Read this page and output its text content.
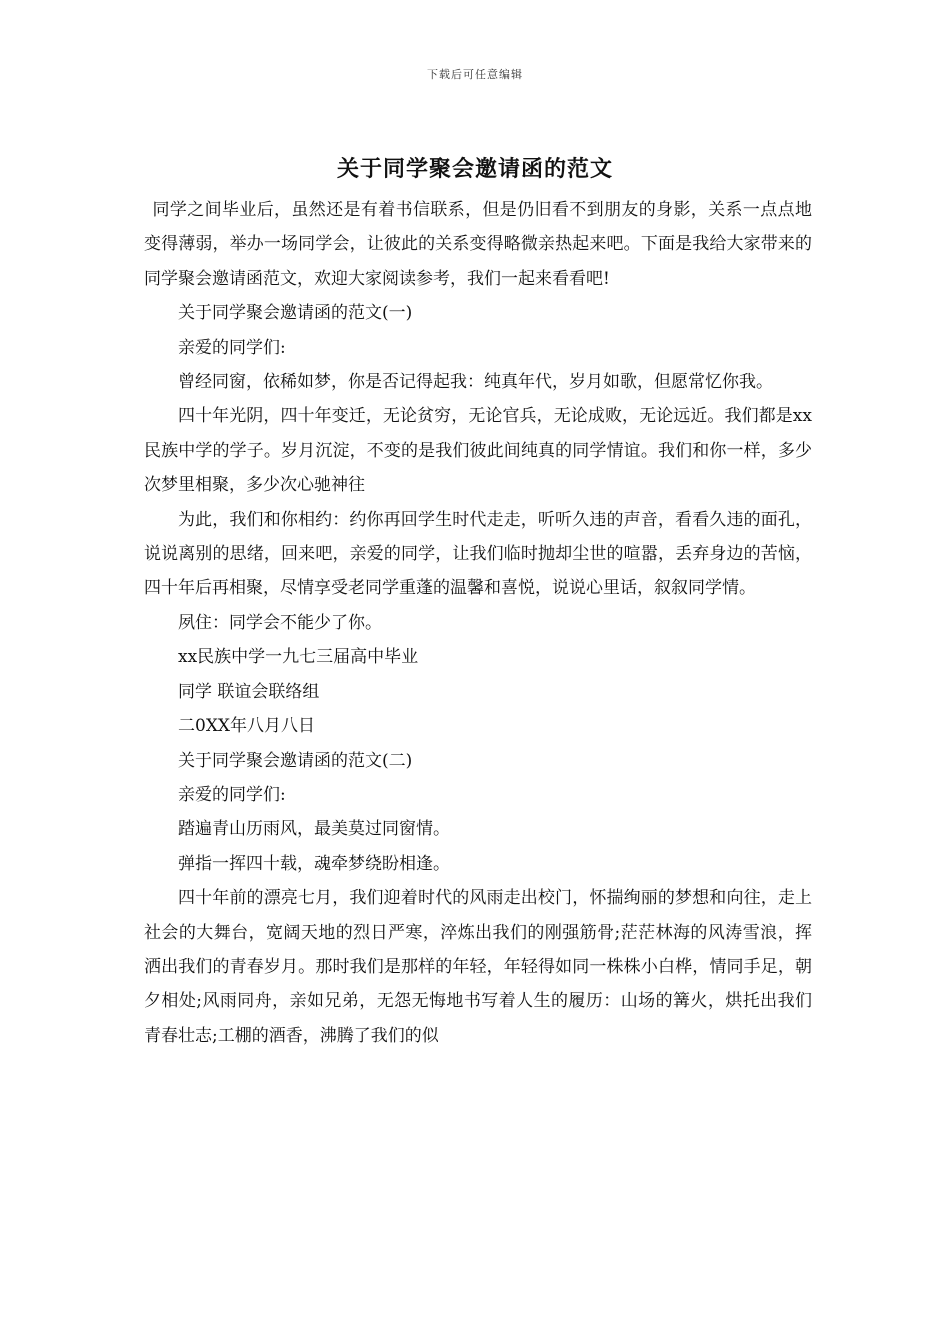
下载后可任意编辑
关于同学聚会邀请函的范文

同学之间毕业后，虽然还是有着书信联系，但是仍旧看不到朋友的身影，关系一点点地变得薄弱，举办一场同学会，让彼此的关系变得略微亲热起来吧。下面是我给大家带来的同学聚会邀请函范文，欢迎大家阅读参考，我们一起来看看吧!

关于同学聚会邀请函的范文(一)

亲爱的同学们:

曾经同窗，依稀如梦，你是否记得起我：纯真年代，岁月如歌，但愿常忆你我。

四十年光阴，四十年变迁，无论贫穷，无论官兵，无论成败，无论远近。我们都是xx民族中学的学子。岁月沉淀，不变的是我们彼此间纯真的同学情谊。我们和你一样，多少次梦里相聚，多少次心驰神往

为此，我们和你相约：约你再回学生时代走走，听听久违的声音，看看久违的面孔，说说离别的思绪，回来吧，亲爱的同学，让我们临时抛却尘世的喧嚣，丢弃身边的苦恼，四十年后再相聚，尽情享受老同学重蓬的温馨和喜悦，说说心里话，叙叙同学情。

夙住：同学会不能少了你。

xx民族中学一九七三届高中毕业

同学 联谊会联络组

二0XX年八月八日

关于同学聚会邀请函的范文(二)

亲爱的同学们:

踏遍青山历雨风，最美莫过同窗情。

弹指一挥四十载，魂牵梦绕盼相逢。

四十年前的漂亮七月，我们迎着时代的风雨走出校门，怀揣绚丽的梦想和向往，走上社会的大舞台，宽阔天地的烈日严寒，淬炼出我们的刚强筋骨;茫茫林海的风涛雪浪，挥洒出我们的青春岁月。那时我们是那样的年轻，年轻得如同一株株小白桦，情同手足，朝夕相处;风雨同舟，亲如兄弟，无怨无悔地书写着人生的履历：山场的篝火，烘托出我们青春壮志;工棚的酒香，沸腾了我们的似
